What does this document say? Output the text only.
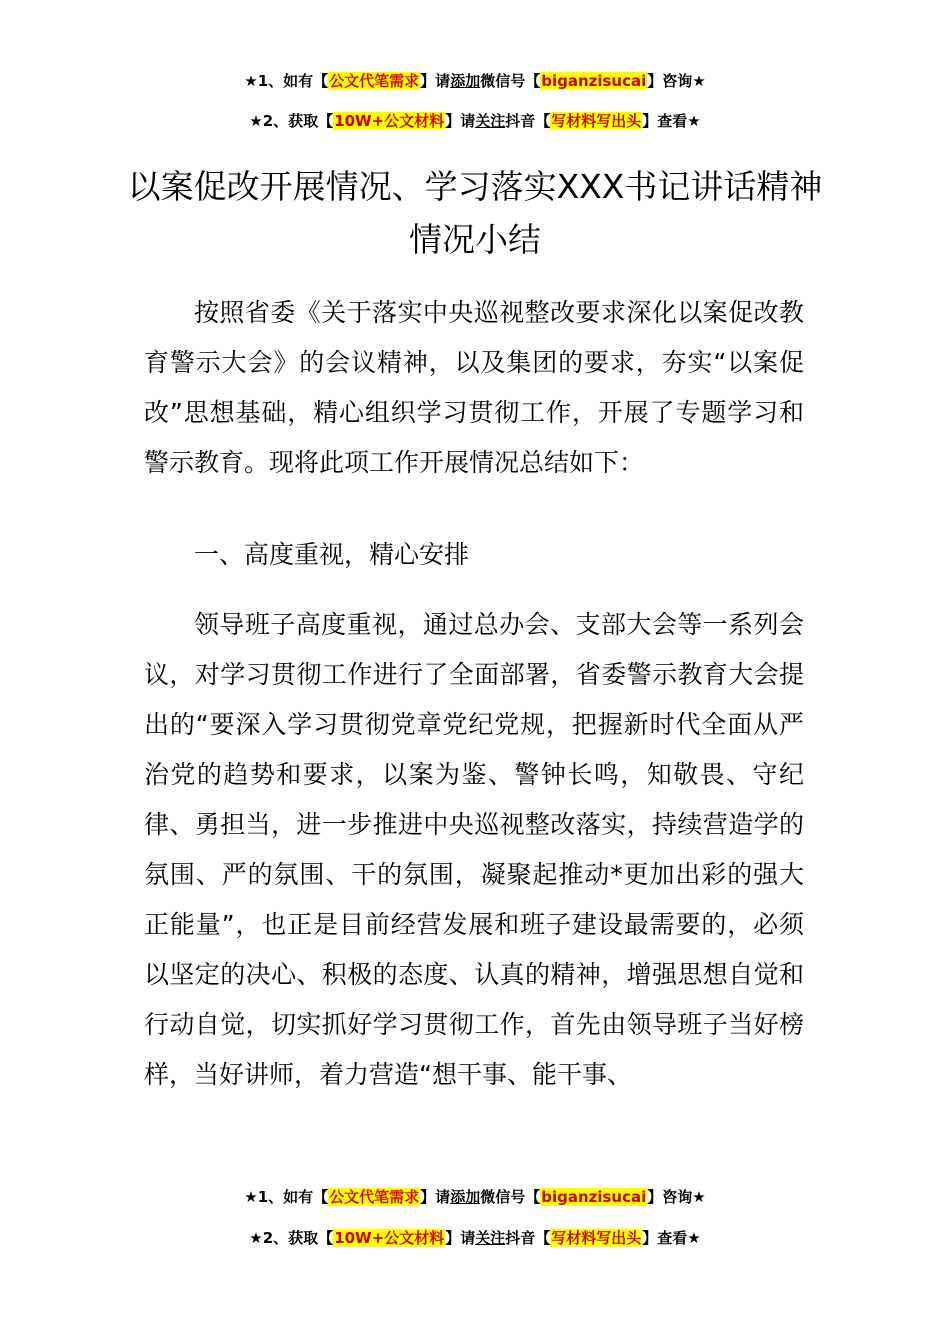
★1、如有【公文代笔需求】请添加微信号【biganzisucai】咨询★
★2、获取【10W+公文材料】请关注抖音【写材料写出头】查看★
以案促改开展情况、学习落实XXX书记讲话精神情况小结

按照省委《关于落实中央巡视整改要求深化以案促改教育警示大会》的会议精神，以及集团的要求，夯实“以案促改”思想基础，精心组织学习贯彻工作，开展了专题学习和警示教育。现将此项工作开展情况总结如下：

一、高度重视，精心安排

领导班子高度重视，通过总办会、支部大会等一系列会议，对学习贯彻工作进行了全面部署，省委警示教育大会提出的“要深入学习贯彻党章党纪党规，把握新时代全面从严治党的趋势和要求，以案为鉴、警钟长鸣，知敬畏、守纪律、勇担当，进一步推进中央巡视整改落实，持续营造学的氛围、严的氛围、干的氛围，凝聚起推动*更加出彩的强大正能量”，也正是目前经营发展和班子建设最需要的，必须以坚定的决心、积极的态度、认真的精神，增强思想自觉和行动自觉，切实抓好学习贯彻工作，首先由领导班子当好榜样，当好讲师，着力营造“想干事、能干事、

★1、如有【公文代笔需求】请添加微信号【biganzisucai】咨询★
★2、获取【10W+公文材料】请关注抖音【写材料写出头】查看★
